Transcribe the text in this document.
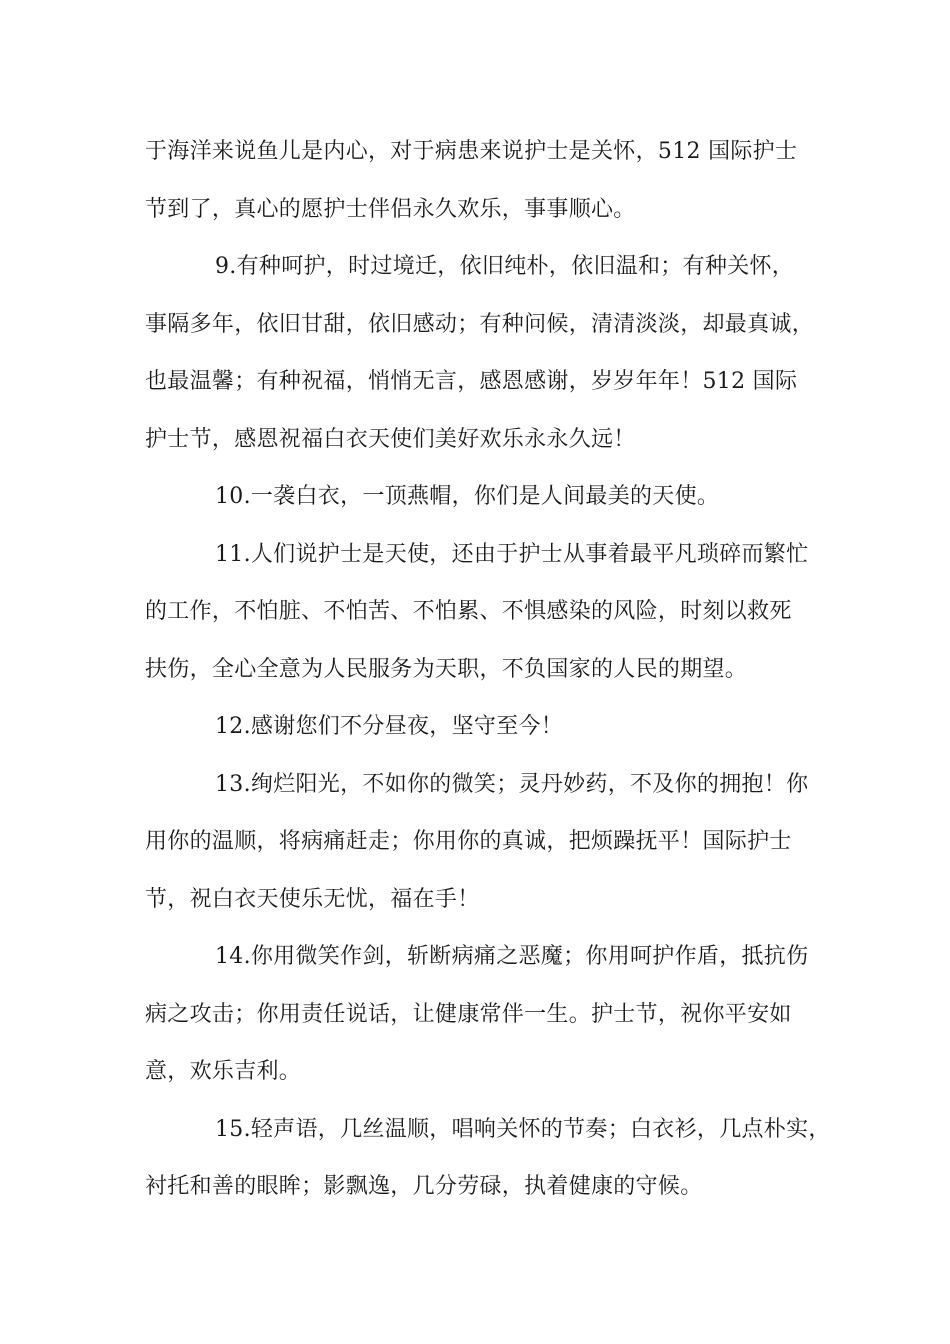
于海洋来说鱼儿是内心，对于病患来说护士是关怀，512 国际护士
节到了，真心的愿护士伴侣永久欢乐，事事顺心。
9.有种呵护，时过境迁，依旧纯朴，依旧温和；有种关怀，
事隔多年，依旧甘甜，依旧感动；有种问候，清清淡淡，却最真诚，
也最温馨；有种祝福，悄悄无言，感恩感谢，岁岁年年！512 国际
护士节，感恩祝福白衣天使们美好欢乐永永久远！
10.一袭白衣，一顶燕帽，你们是人间最美的天使。
11.人们说护士是天使，还由于护士从事着最平凡琐碎而繁忙
的工作，不怕脏、不怕苦、不怕累、不惧感染的风险，时刻以救死
扶伤，全心全意为人民服务为天职，不负国家的人民的期望。
12.感谢您们不分昼夜，坚守至今！
13.绚烂阳光，不如你的微笑；灵丹妙药，不及你的拥抱！你
用你的温顺，将病痛赶走；你用你的真诚，把烦躁抚平！国际护士
节，祝白衣天使乐无忧，福在手！
14.你用微笑作剑，斩断病痛之恶魔；你用呵护作盾，抵抗伤
病之攻击；你用责任说话，让健康常伴一生。护士节，祝你平安如
意，欢乐吉利。
15.轻声语，几丝温顺，唱响关怀的节奏；白衣衫，几点朴实，
衬托和善的眼眸；影飘逸，几分劳碌，执着健康的守候。
